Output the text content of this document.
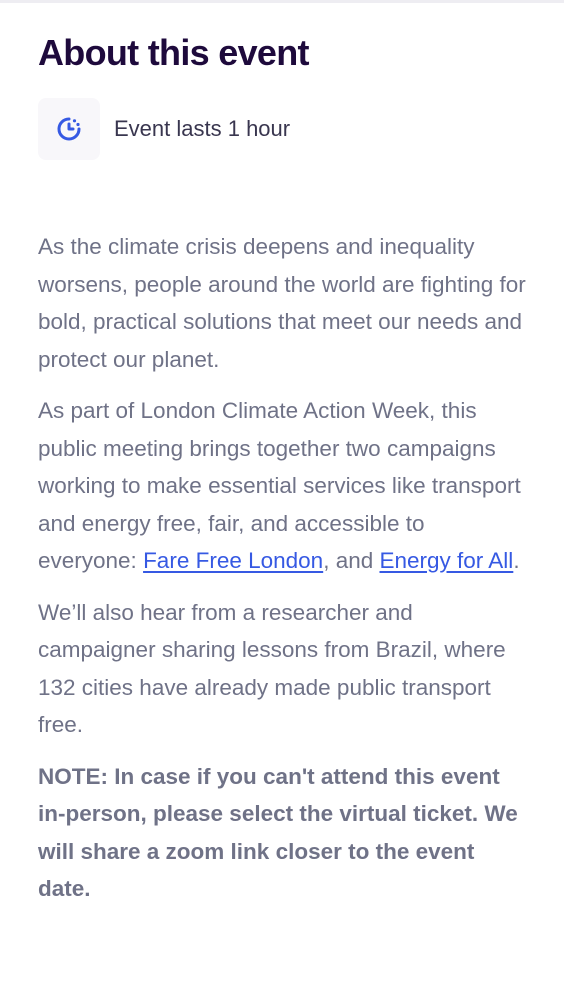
About this event
Event lasts 1 hour

As the climate crisis deepens and inequality worsens, people around the world are fighting for bold, practical solutions that meet our needs and protect our planet.

As part of London Climate Action Week, this public meeting brings together two campaigns working to make essential services like transport and energy free, fair, and accessible to everyone: Fare Free London, and Energy for All.

We’ll also hear from a researcher and campaigner sharing lessons from Brazil, where 132 cities have already made public transport free.

NOTE: In case if you can't attend this event in-person, please select the virtual ticket. We will share a zoom link closer to the event date.
